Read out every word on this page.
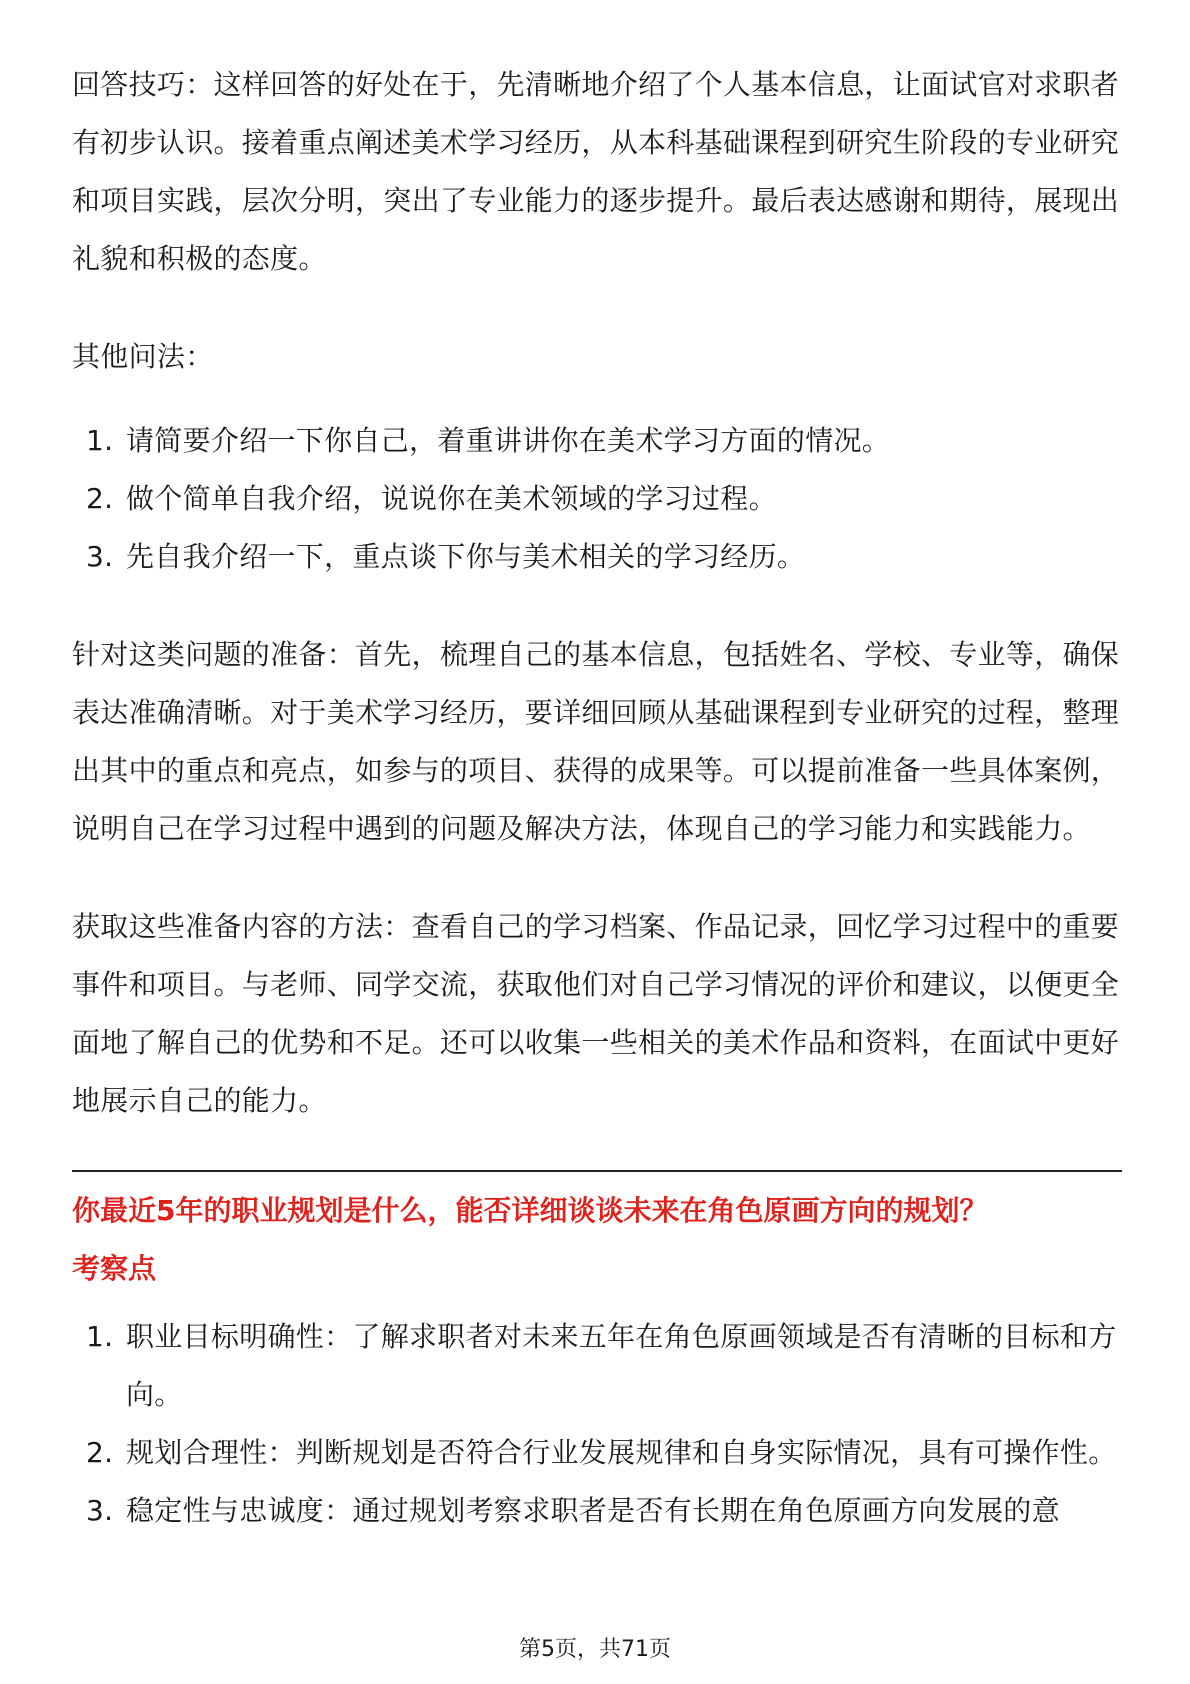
回答技巧：这样回答的好处在于，先清晰地介绍了个人基本信息，让面试官对求职者有初步认识。接着重点阐述美术学习经历，从本科基础课程到研究生阶段的专业研究和项目实践，层次分明，突出了专业能力的逐步提升。最后表达感谢和期待，展现出礼貌和积极的态度。

其他问法：

1. 请简要介绍一下你自己，着重讲讲你在美术学习方面的情况。
2. 做个简单自我介绍，说说你在美术领域的学习过程。
3. 先自我介绍一下，重点谈下你与美术相关的学习经历。

针对这类问题的准备：首先，梳理自己的基本信息，包括姓名、学校、专业等，确保表达准确清晰。对于美术学习经历，要详细回顾从基础课程到专业研究的过程，整理出其中的重点和亮点，如参与的项目、获得的成果等。可以提前准备一些具体案例，说明自己在学习过程中遇到的问题及解决方法，体现自己的学习能力和实践能力。

获取这些准备内容的方法：查看自己的学习档案、作品记录，回忆学习过程中的重要事件和项目。与老师、同学交流，获取他们对自己学习情况的评价和建议，以便更全面地了解自己的优势和不足。还可以收集一些相关的美术作品和资料，在面试中更好地展示自己的能力。

你最近5年的职业规划是什么，能否详细谈谈未来在角色原画方向的规划？

考察点

1. 职业目标明确性：了解求职者对未来五年在角色原画领域是否有清晰的目标和方向。
2. 规划合理性：判断规划是否符合行业发展规律和自身实际情况，具有可操作性。
3. 稳定性与忠诚度：通过规划考察求职者是否有长期在角色原画方向发展的意
第5页，共71页
